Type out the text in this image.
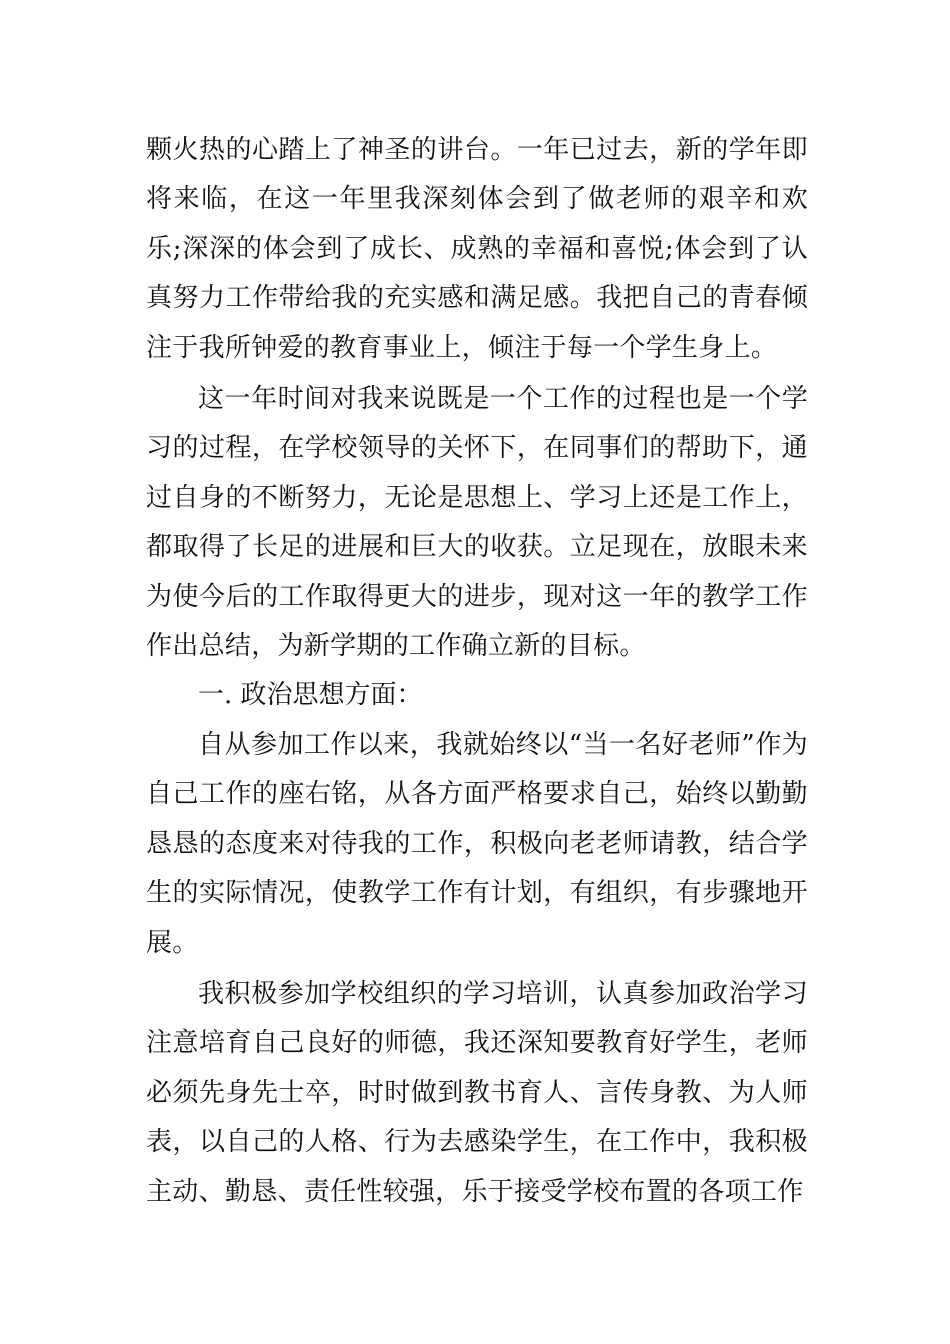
颗火热的心踏上了神圣的讲台。一年已过去，新的学年即将来临，在这一年里我深刻体会到了做老师的艰辛和欢乐;深深的体会到了成长、成熟的幸福和喜悦;体会到了认真努力工作带给我的充实感和满足感。我把自己的青春倾注于我所钟爱的教育事业上，倾注于每一个学生身上。

这一年时间对我来说既是一个工作的过程也是一个学习的过程，在学校领导的关怀下，在同事们的帮助下，通过自身的不断努力，无论是思想上、学习上还是工作上，都取得了长足的进展和巨大的收获。立足现在，放眼未来为使今后的工作取得更大的进步，现对这一年的教学工作作出总结，为新学期的工作确立新的目标。

一. 政治思想方面：

自从参加工作以来，我就始终以“当一名好老师”作为自己工作的座右铭，从各方面严格要求自己，始终以勤勤恳恳的态度来对待我的工作，积极向老老师请教，结合学生的实际情况，使教学工作有计划，有组织，有步骤地开展。

我积极参加学校组织的学习培训，认真参加政治学习注意培育自己良好的师德，我还深知要教育好学生，老师必须先身先士卒，时时做到教书育人、言传身教、为人师表，以自己的人格、行为去感染学生，在工作中，我积极主动、勤恳、责任性较强，乐于接受学校布置的各项工作
